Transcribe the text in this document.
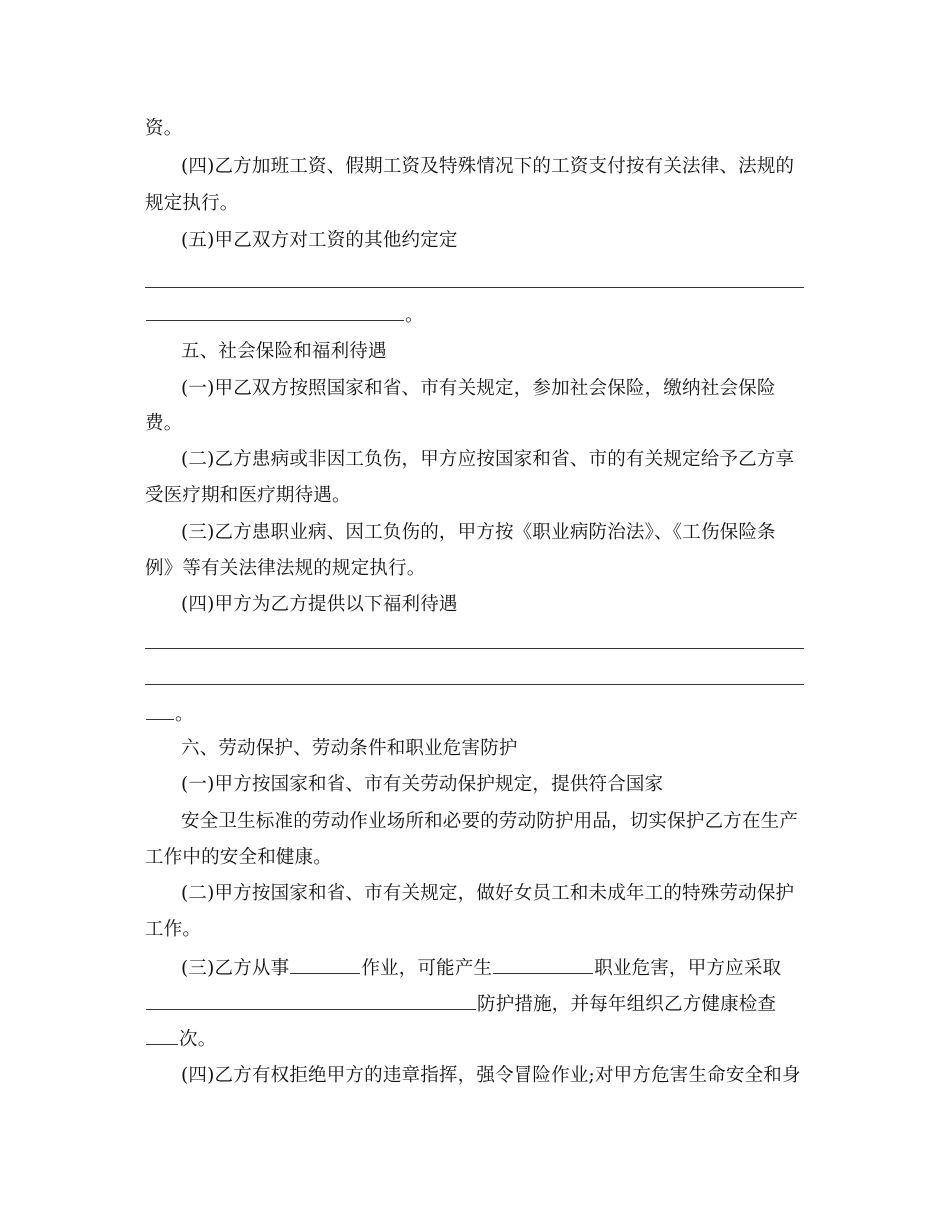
资。
(四)乙方加班工资、假期工资及特殊情况下的工资支付按有关法律、法规的
规定执行。
(五)甲乙双方对工资的其他约定定
。
五、社会保险和福利待遇
(一)甲乙双方按照国家和省、市有关规定，参加社会保险，缴纳社会保险
费。
(二)乙方患病或非因工负伤，甲方应按国家和省、市的有关规定给予乙方享
受医疗期和医疗期待遇。
(三)乙方患职业病、因工负伤的，甲方按《职业病防治法》、《工伤保险条
例》等有关法律法规的规定执行。
(四)甲方为乙方提供以下福利待遇
。
六、劳动保护、劳动条件和职业危害防护
(一)甲方按国家和省、市有关劳动保护规定，提供符合国家
安全卫生标准的劳动作业场所和必要的劳动防护用品，切实保护乙方在生产
工作中的安全和健康。
(二)甲方按国家和省、市有关规定，做好女员工和未成年工的特殊劳动保护
工作。
(三)乙方从事	作业，可能产生	职业危害，甲方应采取
防护措施，并每年组织乙方健康检查
次。
(四)乙方有权拒绝甲方的违章指挥，强令冒险作业;对甲方危害生命安全和身
